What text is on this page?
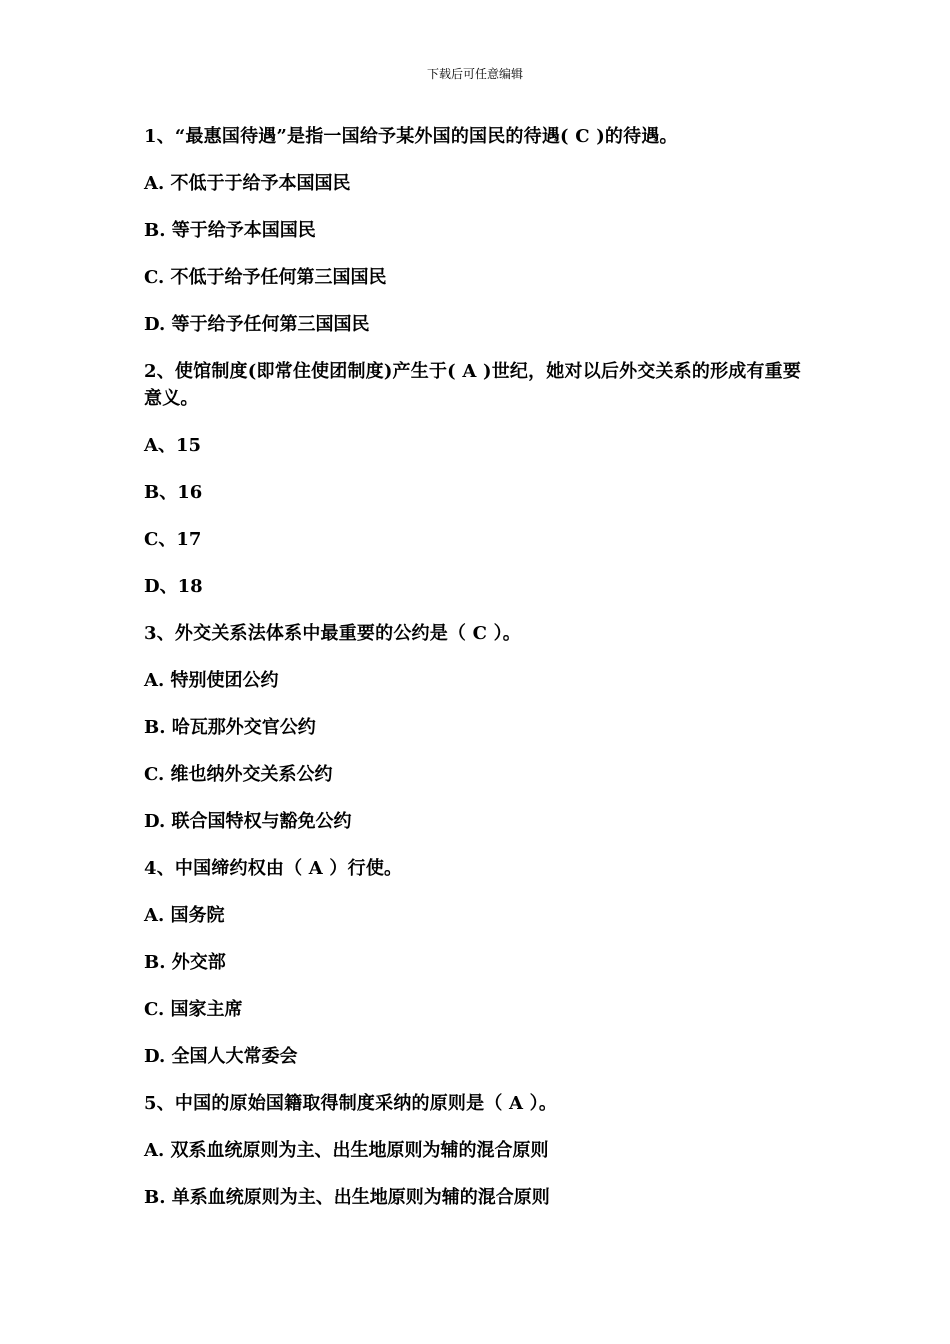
下载后可任意编辑

1、“最惠国待遇”是指一国给予某外国的国民的待遇( C )的待遇。

A. 不低于于给予本国国民

B. 等于给予本国国民

C. 不低于给予任何第三国国民

D. 等于给予任何第三国国民

2、使馆制度(即常住使团制度)产生于( A )世纪，她对以后外交关系的形成有重要意义。

A、15

B、16

C、17

D、18

3、外交关系法体系中最重要的公约是（ C ）。

A. 特别使团公约

B. 哈瓦那外交官公约

C. 维也纳外交关系公约

D. 联合国特权与豁免公约

4、中国缔约权由（ A ）行使。

A. 国务院

B. 外交部

C. 国家主席

D. 全国人大常委会

5、中国的原始国籍取得制度采纳的原则是（ A ）。

A. 双系血统原则为主、出生地原则为辅的混合原则

B. 单系血统原则为主、出生地原则为辅的混合原则
